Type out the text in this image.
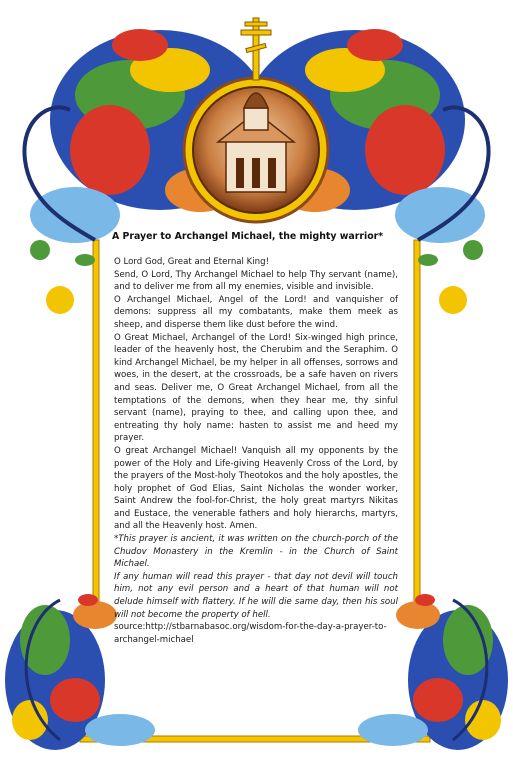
A Prayer to Archangel Michael, the mighty warrior*

O Lord God, Great and Eternal King!

Send, O Lord, Thy Archangel Michael to help Thy servant (name), and to deliver me from all my enemies, visible and invisible.

O Archangel Michael, Angel of the Lord! and vanquisher of demons: suppress all my combatants, make them meek as sheep, and disperse them like dust before the wind.

O Great Michael, Archangel of the Lord! Six-winged high prince, leader of the heavenly host, the Cherubim and the Seraphim. O kind Archangel Michael, be my helper in all offenses, sorrows and woes, in the desert, at the crossroads, be a safe haven on rivers and seas. Deliver me, O Great Archangel Michael, from all the temptations of the demons, when they hear me, thy sinful servant (name), praying to thee, and calling upon thee, and entreating thy holy name: hasten to assist me and heed my prayer.

O great Archangel Michael! Vanquish all my opponents by the power of the Holy and Life-giving Heavenly Cross of the Lord, by the prayers of the Most-holy Theotokos and the holy apostles, the holy prophet of God Elias, Saint Nicholas the wonder worker, Saint Andrew the fool-for-Christ, the holy great martyrs Nikitas and Eustace, the venerable fathers and holy hierarchs, martyrs, and all the Heavenly host. Amen.

*This prayer is ancient, it was written on the church-porch of the Chudov Monastery in the Kremlin - in the Church of Saint Michael.

If any human will read this prayer - that day not devil will touch him, not any evil person and a heart of that human will not delude himself with flattery. If he will die same day, then his soul will not become the property of hell.

source:http://stbarnabasoc.org/wisdom-for-the-day-a-prayer-to-archangel-michael
